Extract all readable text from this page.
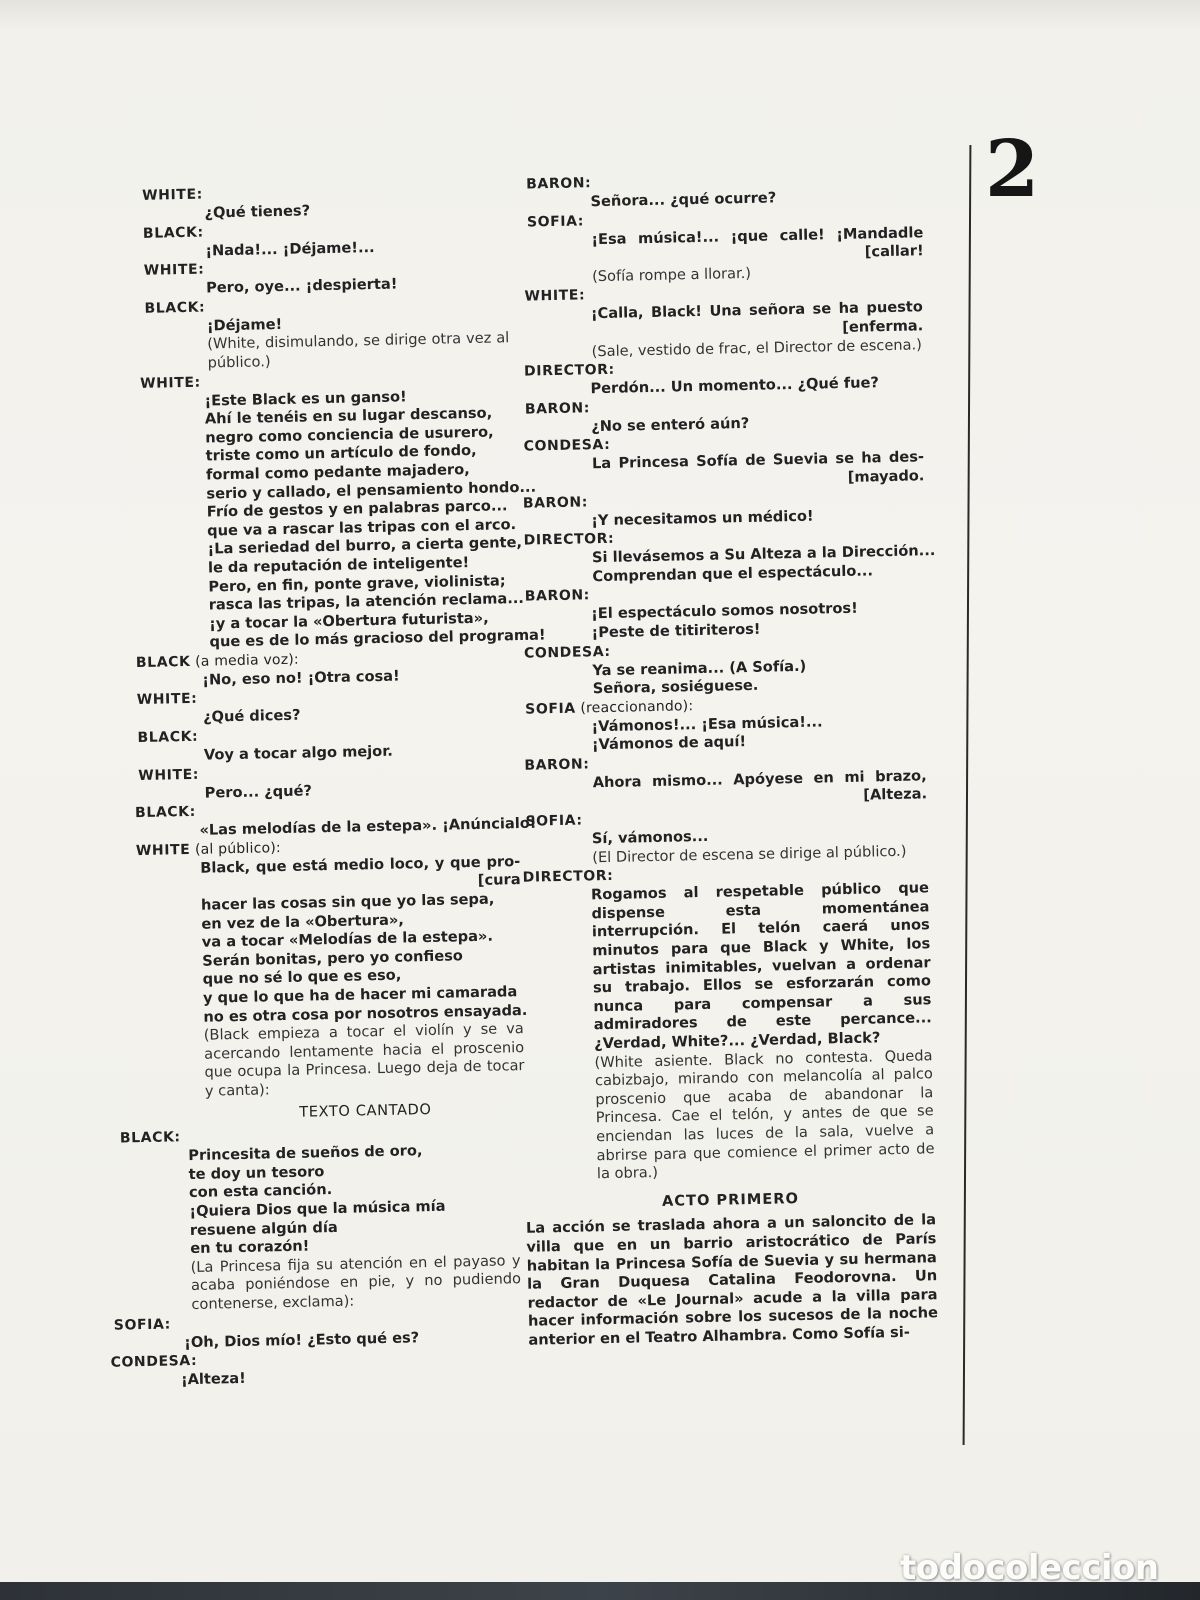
WHITE:
¿Qué tienes?
BLACK:
¡Nada!... ¡Déjame!...
WHITE:
Pero, oye... ¡despierta!
BLACK:
¡Déjame!
(White, disimulando, se dirige otra vez al público.)
WHITE:
¡Este Black es un ganso!
Ahí le tenéis en su lugar descanso,
negro como conciencia de usurero,
triste como un artículo de fondo,
formal como pedante majadero,
serio y callado, el pensamiento hondo...
Frío de gestos y en palabras parco...
que va a rascar las tripas con el arco.
¡La seriedad del burro, a cierta gente,
le da reputación de inteligente!
Pero, en fin, ponte grave, violinista;
rasca las tripas, la atención reclama...
¡y a tocar la «Obertura futurista»,
que es de lo más gracioso del programa!
BLACK (a media voz):
¡No, eso no! ¡Otra cosa!
WHITE:
¿Qué dices?
BLACK:
Voy a tocar algo mejor.
WHITE:
Pero... ¿qué?
BLACK:
«Las melodías de la estepa». ¡Anúncialo!
WHITE (al público):
Black, que está medio loco, y que pro-
[cura
hacer las cosas sin que yo las sepa,
en vez de la «Obertura»,
va a tocar «Melodías de la estepa».
Serán bonitas, pero yo confieso
que no sé lo que es eso,
y que lo que ha de hacer mi camarada
no es otra cosa por nosotros ensayada.
(Black empieza a tocar el violín y se va acercando lentamente hacia el proscenio que ocupa la Princesa. Luego deja de tocar y canta):
TEXTO CANTADO
BLACK:
Princesita de sueños de oro,
te doy un tesoro
con esta canción.
¡Quiera Dios que la música mía
resuene algún día
en tu corazón!
(La Princesa fija su atención en el payaso y acaba poniéndose en pie, y no pudiendo contenerse, exclama):
SOFIA:
¡Oh, Dios mío! ¿Esto qué es?
CONDESA:
¡Alteza!
BARON:
Señora... ¿qué ocurre?
SOFIA:
¡Esa música!... ¡que calle! ¡Mandadle
[callar!
(Sofía rompe a llorar.)
WHITE:
¡Calla, Black! Una señora se ha puesto
[enferma.
(Sale, vestido de frac, el Director de escena.)
DIRECTOR:
Perdón... Un momento... ¿Qué fue?
BARON:
¿No se enteró aún?
CONDESA:
La Princesa Sofía de Suevia se ha des-
[mayado.
BARON:
¡Y necesitamos un médico!
DIRECTOR:
Si llevásemos a Su Alteza a la Dirección...
Comprendan que el espectáculo...
BARON:
¡El espectáculo somos nosotros!
¡Peste de titiriteros!
CONDESA:
Ya se reanima... (A Sofía.)
Señora, sosiéguese.
SOFIA (reaccionando):
¡Vámonos!... ¡Esa música!...
¡Vámonos de aquí!
BARON:
Ahora mismo... Apóyese en mi brazo,
[Alteza.
SOFIA:
Sí, vámonos...
(El Director de escena se dirige al público.)
DIRECTOR:
Rogamos al respetable público que dispense esta momentánea interrupción. El telón caerá unos minutos para que Black y White, los artistas inimitables, vuelvan a ordenar su trabajo. Ellos se esforzarán como nunca para compensar a sus admiradores de este percance... ¿Verdad, White?... ¿Verdad, Black?
(White asiente. Black no contesta. Queda cabizbajo, mirando con melancolía al palco proscenio que acaba de abandonar la Princesa. Cae el telón, y antes de que se enciendan las luces de la sala, vuelve a abrirse para que comience el primer acto de la obra.)
ACTO PRIMERO
La acción se traslada ahora a un saloncito de la villa que en un barrio aristocrático de París habitan la Princesa Sofía de Suevia y su hermana la Gran Duquesa Catalina Feodorovna. Un redactor de «Le Journal» acude a la villa para hacer información sobre los sucesos de la noche anterior en el Teatro Alhambra. Como Sofía si-
2
todocoleccion
